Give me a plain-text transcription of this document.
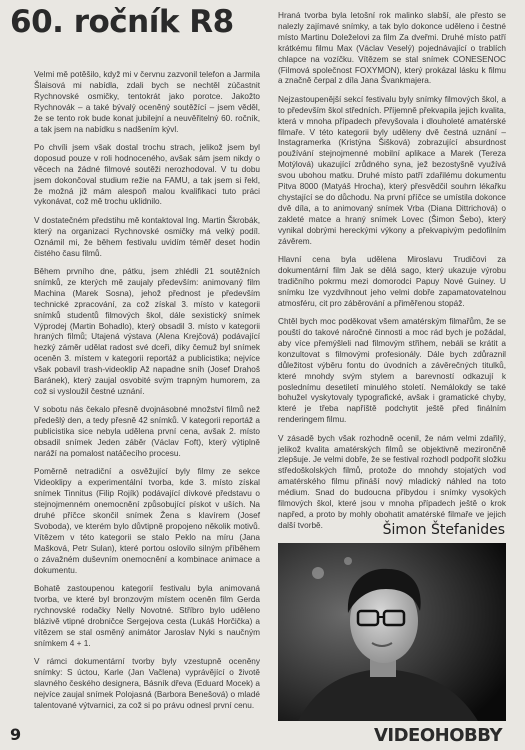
60. ročník R8

Velmi mě potěšilo, když mi v červnu zazvonil telefon a Jarmila Šlaisová mi nabídla, zdali bych se nechtěl zúčastnit Rychnovské osmičky, tentokrát jako porotce. Jakožto Rychnovák – a také bývalý oceněný soutěžící – jsem věděl, že se tento rok bude konat jubilejní a neuvěřitelný 60. ročník, a tak jsem na nabídku s nadšením kývl.

Po chvíli jsem však dostal trochu strach, jelikož jsem byl doposud pouze v roli hodnoceného, avšak sám jsem nikdy o věcech na žádné filmové soutěži nerozhodoval. V tu dobu jsem dokončoval studium režie na FAMU, a tak jsem si řekl, že možná již mám alespoň malou kvalifikaci tuto práci vykonávat, což mě trochu uklidnilo.

V dostatečném předstihu mě kontaktoval Ing. Martin Škrobák, který na organizaci Rychnovské osmičky má velký podíl. Oznámil mi, že během festivalu uvidím téměř deset hodin čistého času filmů.

Během prvního dne, pátku, jsem zhlédli 21 soutěžních snímků, ze kterých mě zaujaly především: animovaný film Machina (Marek Sosna), jehož přednost je především technické zpracování, za což získal 3. místo v kategorii snímků studentů filmových škol, dále sexistický snímek Výprodej (Martin Bohadlo), který obsadil 3. místo v kategorii hraných filmů; Utajená výstava (Alena Krejčová) podávající hezký záměr udělat radost své dceři, díky čemuž byl snímek oceněn 3. místem v kategorii reportáž a publicistika; nejvíce však pobavil trash-videoklip Až napadne sníh (Josef Drahoš Baránek), který zaujal osvobité svým trapným humorem, za což si vysloužil čestné uznání.

V sobotu nás čekalo přesně dvojnásobné množství filmů než předešlý den, a tedy přesně 42 snímků. V kategorii reportáž a publicistika sice nebyla udělena první cena, avšak 2. místo obsadil snímek Jeden záběr (Václav Foft), který výtiplně naráží na pomalost natáčecího procesu.

Poměrně netradiční a osvěžující byly filmy ze sekce Videoklipy a experimentální tvorba, kde 3. místo získal snímek Tinnitus (Filip Rojík) podávající dívkové představu o stejnojmenném onemocnění způsobující pískot v uších. Na druhé příčce skončil snímek Žena s klavírem (Josef Svoboda), ve kterém bylo důvtipně propojeno několik motivů. Vítězem v této kategorii se stalo Peklo na míru (Jana Mašková, Petr Sulan), které portou oslovilo silným příběhem o závažném duševním onemocnění a kombinace animace a dokumentu.

Bohatě zastoupenou kategorií festivalu byla animovaná tvorba, ve které byl bronzovým místem oceněn film Gerda rychnovské rodačky Nelly Novotné. Stříbro bylo uděleno blázivě vtipné drobničce Sergejova cesta (Lukáš Horčička) a vítězem se stal osměný animátor Jaroslav Nyki s naučným snímkem 4 + 1.

V rámci dokumentární tvorby byly vzestupně oceněny snímky: S úctou, Karle (Jan Vačlena) vyprávějící o životě slavného českého designera, Básník dřeva (Eduard Mocek) a nejvíce zaujal snímek Polojasná (Barbora Benešová) o mladé talentované výtvarnici, za což si po právu odnesl první cenu.

Hraná tvorba byla letošní rok malinko slabší, ale přesto se nalezly zajímavé snímky, a tak bylo dokonce uděleno i čestné místo Martinu Doleželovi za film Za dveřmi. Druhé místo patří krátkému filmu Max (Václav Veselý) pojednávající o trablích chlapce na vozíčku. Vítězem se stal snímek CONESENOC (Filmová společnost FOXYMON), který prokázal lásku k filmu a značně čerpal z díla Jana Švankmajera.

Nejzastoupenější sekcí festivalu byly snímky filmových škol, a to především škol středních. Příjemně překvapila jejich kvalita, která v mnoha případech převyšovala i dlouholeté amatérské filmaře. V této kategorii byly uděleny dvě čestná uznání – Instagramerka (Kristýna Šišková) zobrazující absurdnost používání stejnojmenné mobilní aplikace a Marek (Tereza Motýlová) ukazující zrůdného syna, jež bezostyšně využívá svou ubohou matku. Druhé místo patří zdařilému dokumentu Pitva 8000 (Matyáš Hrocha), který přesvědčil souhrn lékařku chystající se do důchodu. Na první příčce se umístila dokonce dvě díla, a to animovaný snímek Vrba (Diana Dittrichová) o zakleté matce a hraný snímek Lovec (Šimon Šebo), který vynikal dobrými hereckými výkony a překvapivým pedofilním závěrem.

Hlavní cena byla udělena Miroslavu Trudičovi za dokumentární film Jak se dělá sago, který ukazuje výrobu tradičního pokrmu mezi domorodci Papuy Nové Guiney. U snímku lze vyzdvihnout jeho velmi dobře zapamatovatelnou atmosféru, cit pro záběrování a přiměřenou stopáž.

Chtěl bych moc poděkovat všem amatérským filmařům, že se pouští do takové náročné činnosti a moc rád bych je požádal, aby více přemýšleli nad filmovým střihem, nebáli se krátit a konzultovat s filmovými profesionály. Dále bych zdůraznil důležitost výběru fontu do úvodních a závěrečných titulků, které mnohdy svým stylem a barevností odkazují k poslednímu desetiletí minulého století. Nemálokdy se také bohužel vyskytovaly typografické, avšak i gramatické chyby, které je třeba napříště podchytit ještě před finálním renderingem filmu.

V zásadě bych však rozhodně ocenil, že nám velmi zdařilý, jelikož kvalita amatérských filmů se objektivně mezirončně zlepšuje. Je velmi dobře, že se festival rozhodl podpořit složku středoškolských filmů, protože do mnohdy stojatých vod amatérského filmu přináší nový mladický náhled na toto médium. Snad do budoucna přibydou i snímky vysokých filmových škol, které jsou v mnoha případech ještě o krok napřed, a proto by mohly obohatit amatérské filmaře ve jejich další tvorbě.	Šimon Štefanides

9	VIDEOHOBBY
